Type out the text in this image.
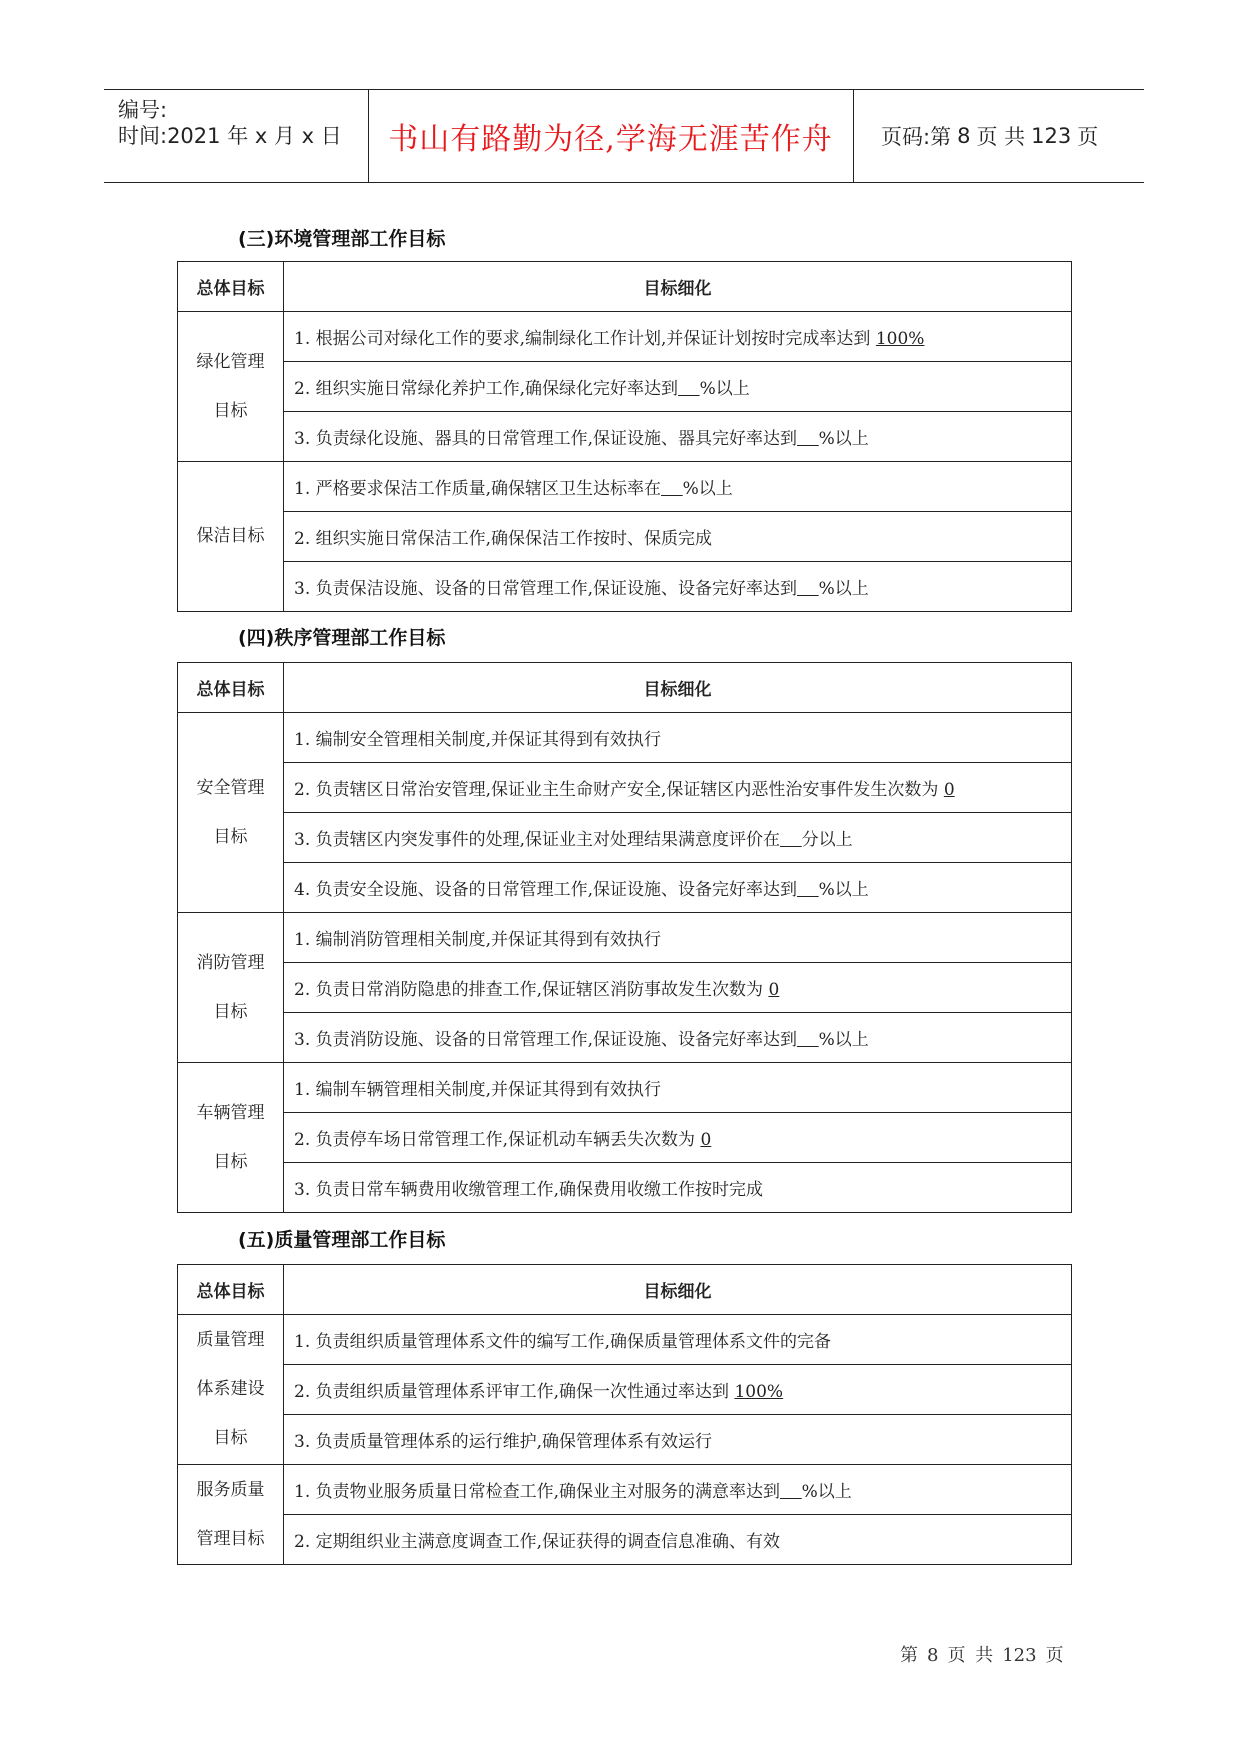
编号:
时间:2021 年 x 月 x 日	书山有路勤为径,学海无涯苦作舟	页码:第 8 页 共 123 页
(三)环境管理部工作目标
(四)秩序管理部工作目标
(五)质量管理部工作目标
总体目标	目标细化

绿化管理
目标	1. 根据公司对绿化工作的要求,编制绿化工作计划,并保证计划按时完成率达到 100%
	2. 组织实施日常绿化养护工作,确保绿化完好率达到 %以上
	3. 负责绿化设施、器具的日常管理工作,保证设施、器具完好率达到 %以上

保洁目标	1. 严格要求保洁工作质量,确保辖区卫生达标率在 %以上
	2. 组织实施日常保洁工作,确保保洁工作按时、保质完成
	3. 负责保洁设施、设备的日常管理工作,保证设施、设备完好率达到 %以上
总体目标	目标细化

安全管理
目标	1. 编制安全管理相关制度,并保证其得到有效执行
	2. 负责辖区日常治安管理,保证业主生命财产安全,保证辖区内恶性治安事件发生次数为 0
	3. 负责辖区内突发事件的处理,保证业主对处理结果满意度评价在 分以上
	4. 负责安全设施、设备的日常管理工作,保证设施、设备完好率达到 %以上

消防管理
目标	1. 编制消防管理相关制度,并保证其得到有效执行
	2. 负责日常消防隐患的排查工作,保证辖区消防事故发生次数为 0
	3. 负责消防设施、设备的日常管理工作,保证设施、设备完好率达到 %以上

车辆管理
目标	1. 编制车辆管理相关制度,并保证其得到有效执行
	2. 负责停车场日常管理工作,保证机动车辆丢失次数为 0
	3. 负责日常车辆费用收缴管理工作,确保费用收缴工作按时完成
总体目标	目标细化

质量管理
体系建设
目标	1. 负责组织质量管理体系文件的编写工作,确保质量管理体系文件的完备
	2. 负责组织质量管理体系评审工作,确保一次性通过率达到 100%
	3. 负责质量管理体系的运行维护,确保管理体系有效运行

服务质量
管理目标	1. 负责物业服务质量日常检查工作,确保业主对服务的满意率达到 %以上
	2. 定期组织业主满意度调查工作,保证获得的调查信息准确、有效
第 8 页 共 123 页
